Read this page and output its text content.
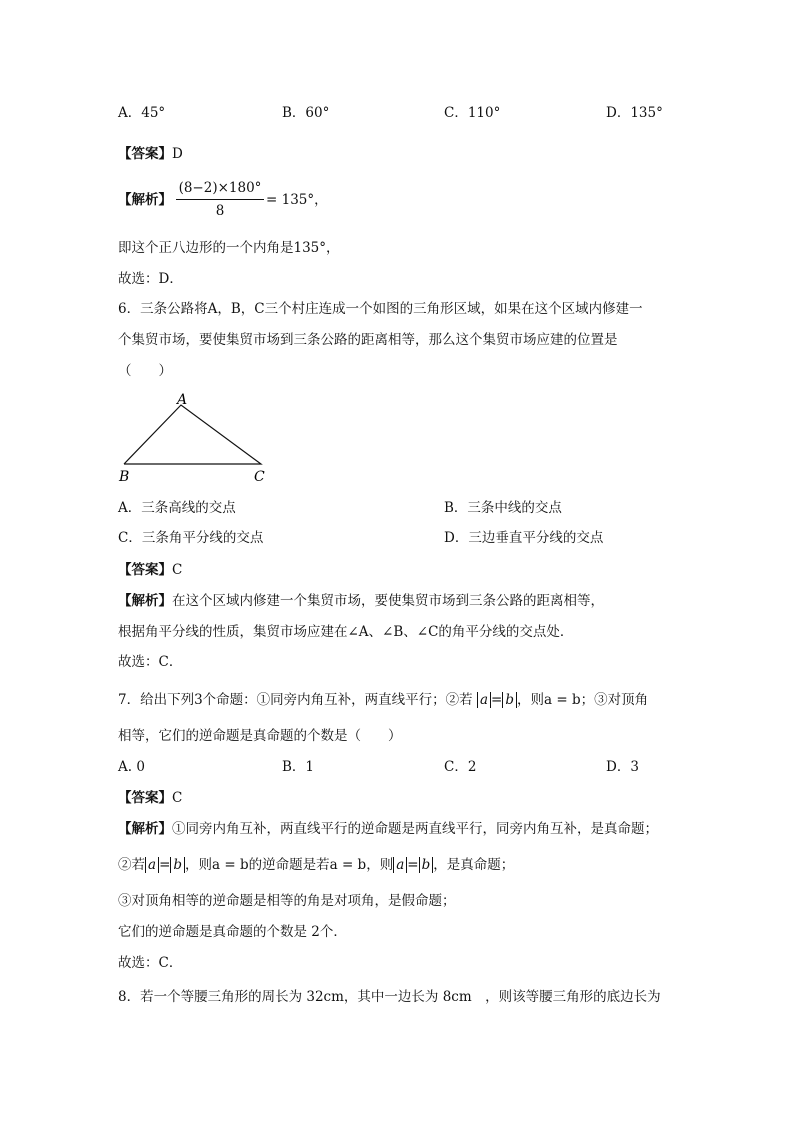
A．45°	B．60°	C．110°	D．135°
【答案】D
【解析】
(8−2)×180°
8
= 135°，
即这个正八边形的一个内角是135°，
故选：D．
6．三条公路将A，B，C三个村庄连成一个如图的三角形区域，如果在这个区域内修建一
个集贸市场，要使集贸市场到三条公路的距离相等，那么这个集贸市场应建的位置是
（　　）
A
B	C
A．三条高线的交点	B．三条中线的交点
C．三条角平分线的交点	D．三边垂直平分线的交点
【答案】C
【解析】在这个区域内修建一个集贸市场，要使集贸市场到三条公路的距离相等，
根据角平分线的性质，集贸市场应建在∠A、∠B、∠C的角平分线的交点处．
故选：C．
7．给出下列3个命题：①同旁内角互补，两直线平行；②若 a = b ，则a = b；③对顶角
相等，它们的逆命题是真命题的个数是（　　）
A. 0	B．1	C．2	D．3
【答案】C
【解析】①同旁内角互补，两直线平行的逆命题是两直线平行，同旁内角互补，是真命题；
②若 a = b ，则a = b的逆命题是若a = b，则 a = b ，是真命题；
③对顶角相等的逆命题是相等的角是对项角，是假命题；
它们的逆命题是真命题的个数是 2个．
故选：C．
8．若一个等腰三角形的周长为 32cm，其中一边长为 8cm　，则该等腰三角形的底边长为
